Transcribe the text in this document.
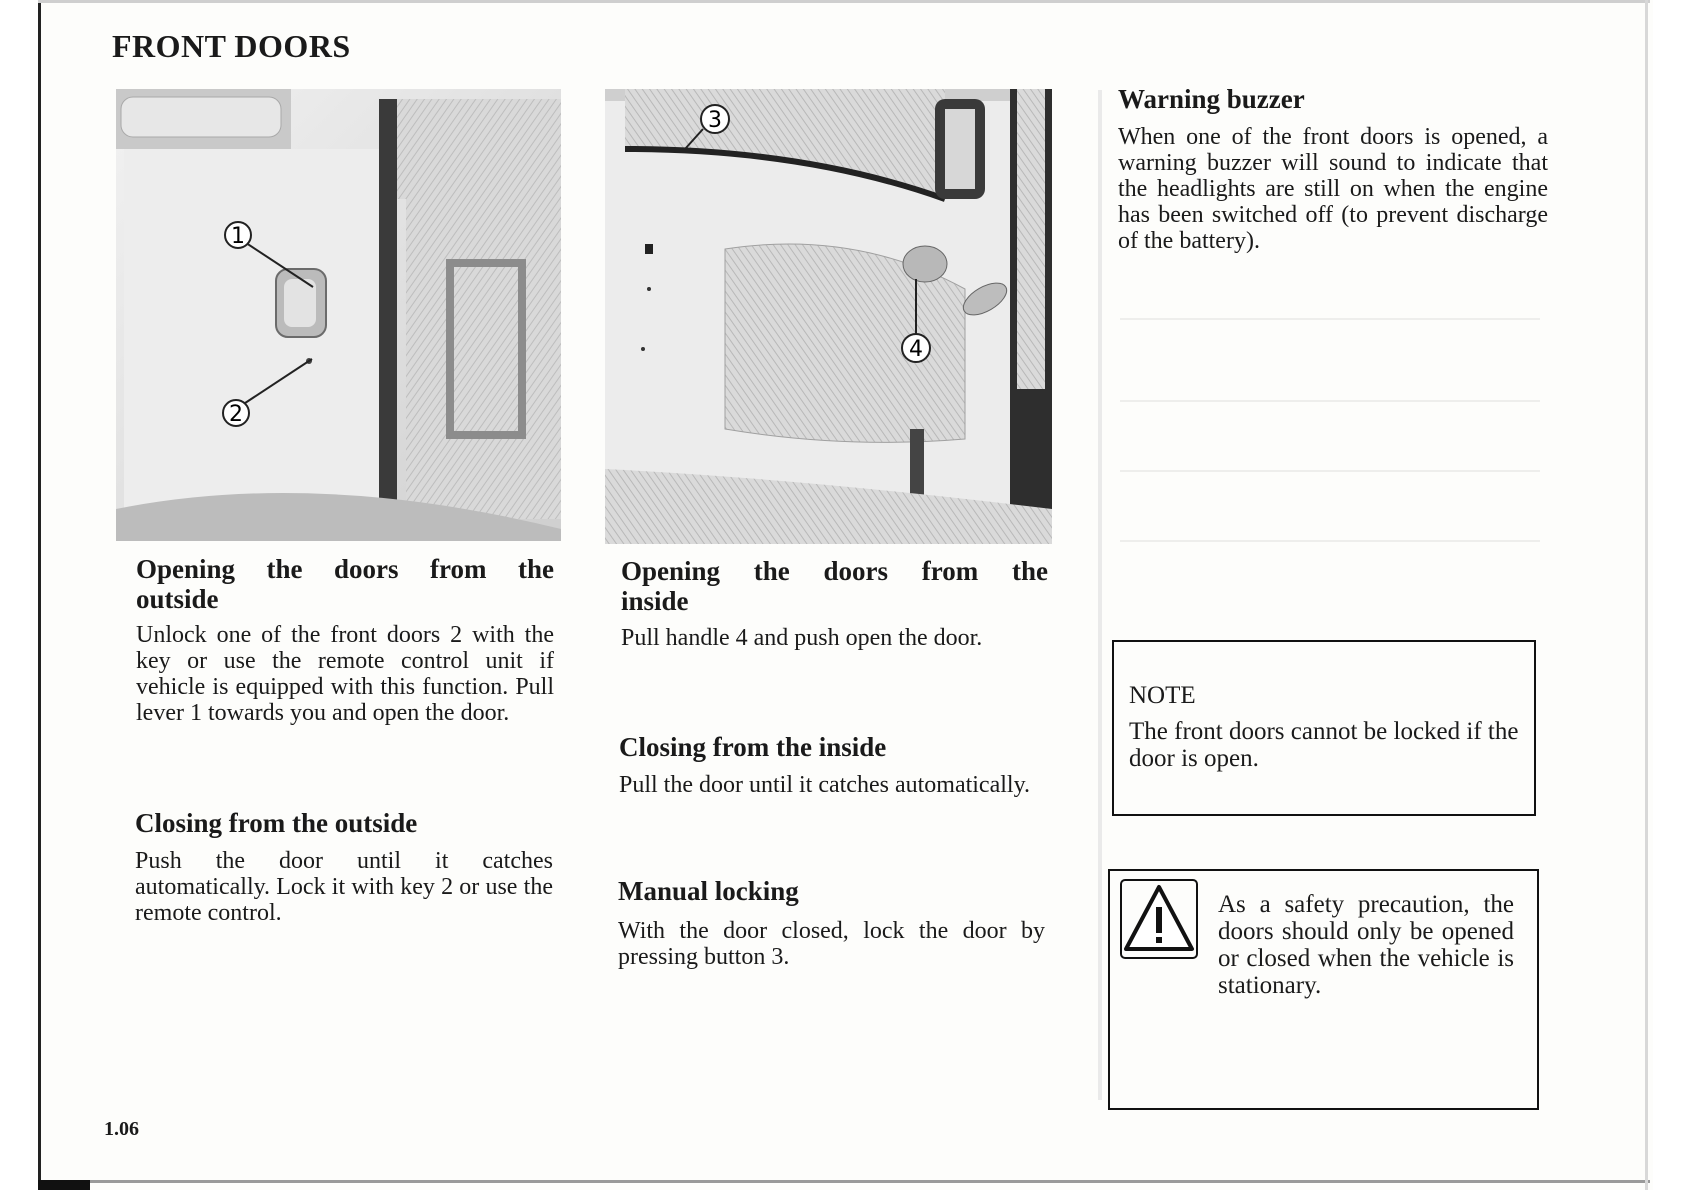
FRONT DOORS
1
2
3
4
Opening the doors from the
outside
Unlock one of the front doors 2 with the key or use the remote control unit if vehicle is equipped with this function. Pull lever 1 towards you and open the door.
Closing from the outside
Push the door until it catches automatically. Lock it with key 2 or use the remote control.
Opening the doors from the
inside
Pull handle 4 and push open the door.
Closing from the inside
Pull the door until it catches automatically.
Manual locking
With the door closed, lock the door by pressing button 3.
Warning buzzer
When one of the front doors is opened, a warning buzzer will sound to indicate that the headlights are still on when the engine has been switched off (to prevent discharge of the battery).
NOTE
The front doors cannot be locked if the door is open.
As a safety precaution, the doors should only be opened or closed when the vehicle is stationary.
1.06
